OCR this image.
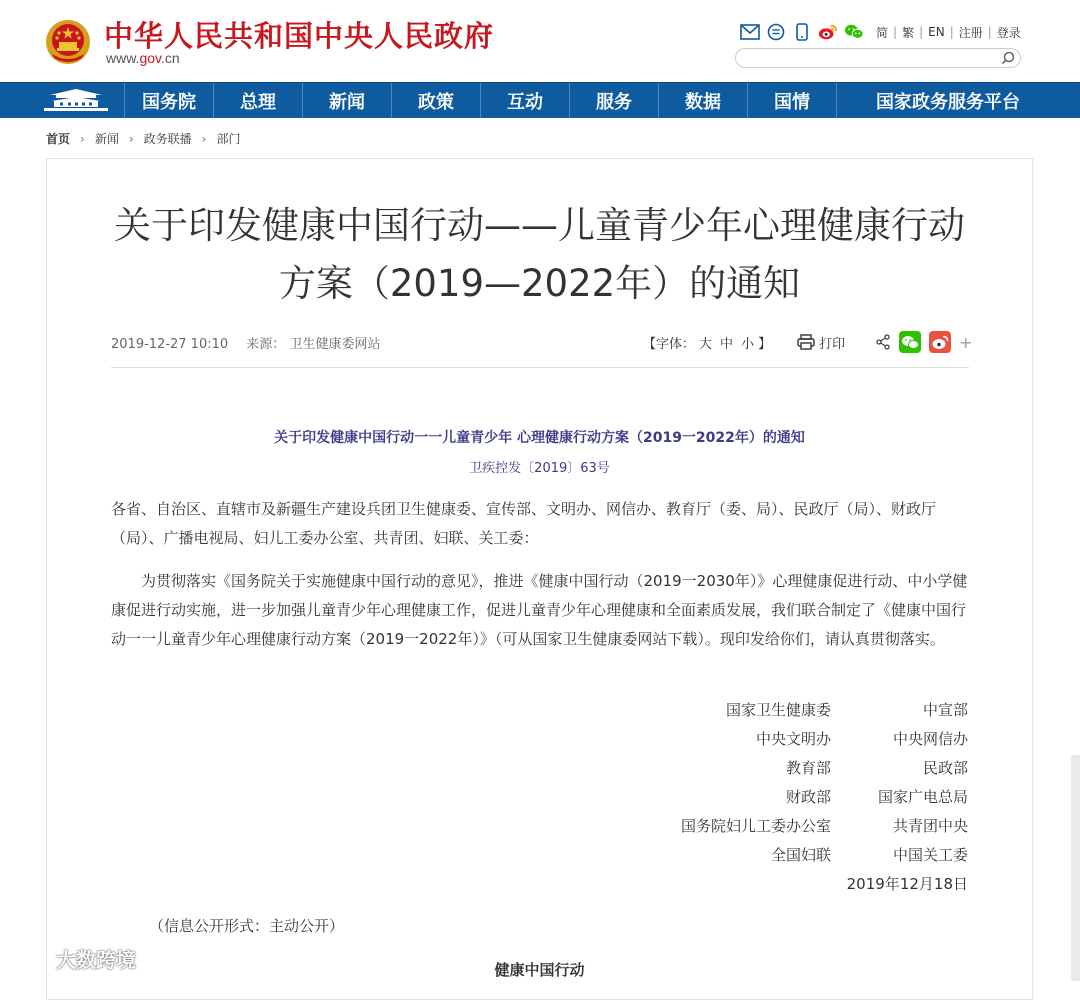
中华人民共和国中央人民政府
www.gov.cn
简 | 繁 | EN | 注册 | 登录
国务院	总理	新闻	政策	互动	服务	数据	国情	国家政务服务平台
首页 › 新闻 › 政务联播 › 部门
关于印发健康中国行动——儿童青少年心理健康行动
方案（2019—2022年）的通知
2019-12-27 10:10 来源： 卫生健康委网站	【字体： 大 中 小 】	打印	+
关于印发健康中国行动一一儿童青少年 心理健康行动方案（2019一2022年）的通知
卫疾控发〔2019〕63号
各省、自治区、直辖市及新疆生产建设兵团卫生健康委、宣传部、文明办、网信办、教育厅（委、局）、民政厅（局）、财政厅（局）、广播电视局、妇儿工委办公室、共青团、妇联、关工委：
为贯彻落实《国务院关于实施健康中国行动的意见》，推进《健康中国行动（2019一2030年）》心理健康促进行动、中小学健康促进行动实施，进一步加强儿童青少年心理健康工作，促进儿童青少年心理健康和全面素质发展，我们联合制定了《健康中国行动一一儿童青少年心理健康行动方案（2019一2022年）》（可从国家卫生健康委网站下载）。现印发给你们，请认真贯彻落实。
国家卫生健康委	中宣部
中央文明办	中央网信办
教育部	民政部
财政部	国家广电总局
国务院妇儿工委办公室	共青团中央
全国妇联	中国关工委
2019年12月18日
（信息公开形式：主动公开）
健康中国行动
大数跨境
